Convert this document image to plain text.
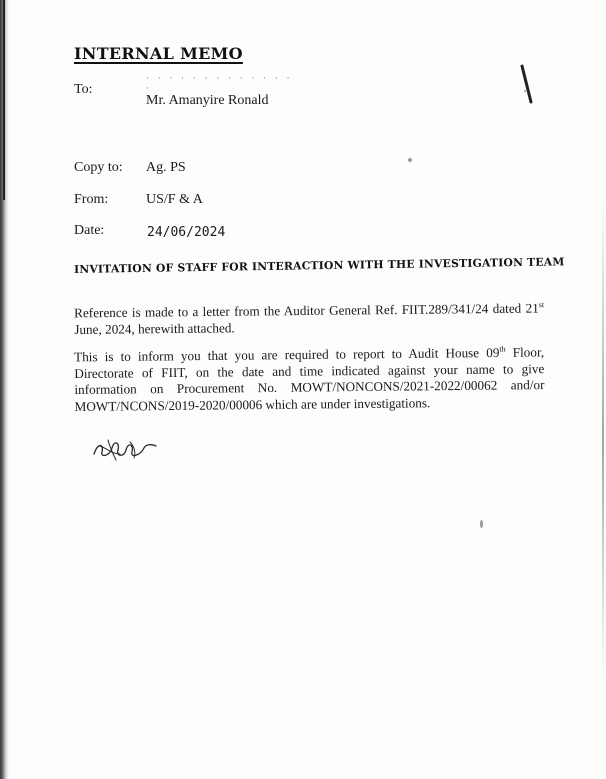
INTERNAL MEMO
To:
· · · · · · · · · · · · · ·
Mr. Amanyire Ronald
Copy to: Ag. PS
From:	US/F & A
Date:	24/06/2024
INVITATION OF STAFF FOR INTERACTION WITH THE INVESTIGATION TEAM
Reference is made to a letter from the Auditor General Ref. FIIT.289/341/24 dated 21st June, 2024, herewith attached.
This is to inform you that you are required to report to Audit House 09th Floor, Directorate of FIIT, on the date and time indicated against your name to give information on Procurement No. MOWT/NONCONS/2021-2022/00062 and/or MOWT/NCONS/2019-2020/00006 which are under investigations.
